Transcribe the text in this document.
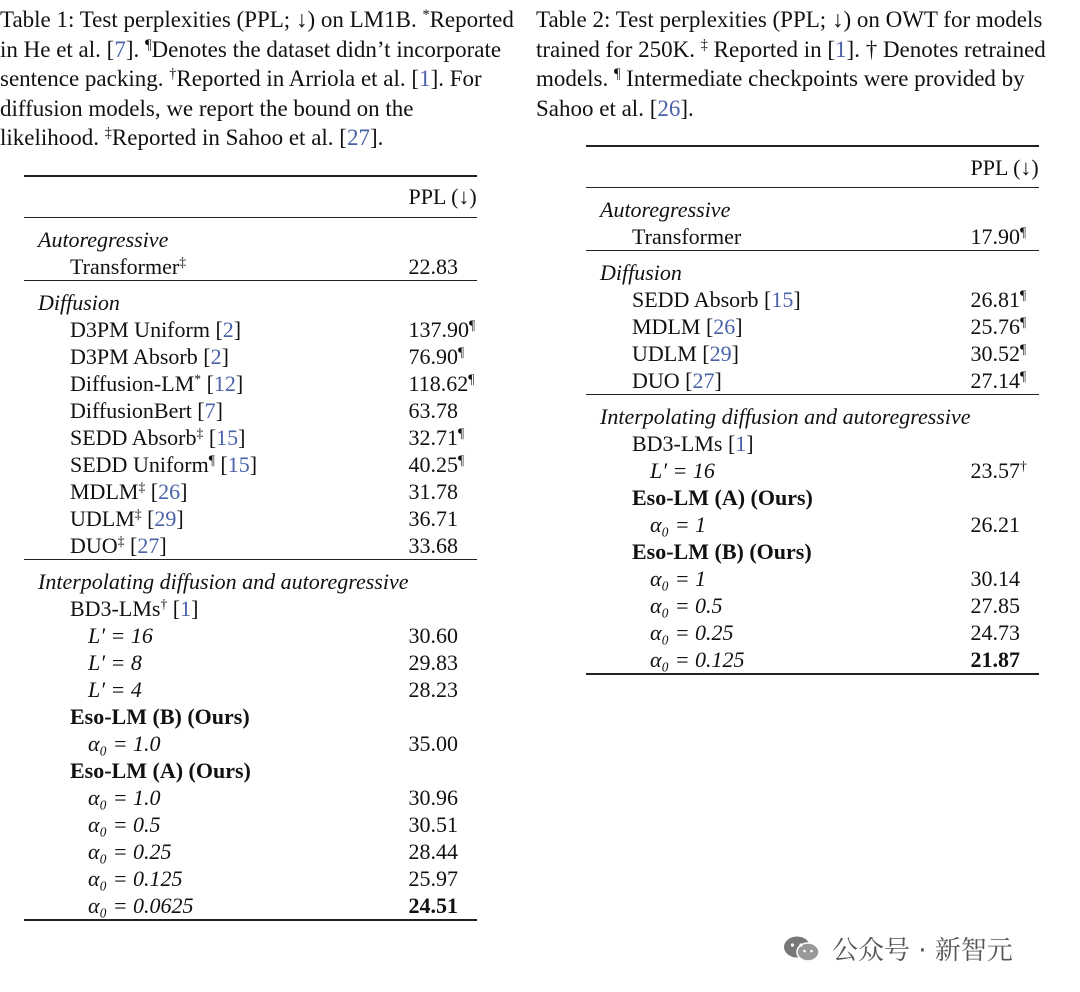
Table 1: Test perplexities (PPL; ↓) on LM1B. *Reported in He et al. [7]. ¶Denotes the dataset didn’t incorporate sentence packing. †Reported in Arriola et al. [1]. For diffusion models, we report the bound on the likelihood. ‡Reported in Sahoo et al. [27].

	PPL (↓)

Autoregressive	
Transformer‡	22.83

Diffusion	
D3PM Uniform [2]	137.90¶
D3PM Absorb [2]	76.90¶
Diffusion-LM* [12]	118.62¶
DiffusionBert [7]	63.78
SEDD Absorb‡ [15]	32.71¶
SEDD Uniform¶ [15]	40.25¶
MDLM‡ [26]	31.78
UDLM‡ [29]	36.71
DUO‡ [27]	33.68

Interpolating diffusion and autoregressive	
BD3-LMs† [1]	
L′ = 16	30.60
L′ = 8	29.83
L′ = 4	28.23
Eso-LM (B) (Ours)	
α₀ = 1.0	35.00
Eso-LM (A) (Ours)	
α₀ = 1.0	30.96
α₀ = 0.5	30.51
α₀ = 0.25	28.44
α₀ = 0.125	25.97
α₀ = 0.0625	24.51

Table 2: Test perplexities (PPL; ↓) on OWT for models trained for 250K. ‡ Reported in [1]. † Denotes retrained models. ¶ Intermediate checkpoints were provided by Sahoo et al. [26].

	PPL (↓)

Autoregressive	
Transformer	17.90¶

Diffusion	
SEDD Absorb [15]	26.81¶
MDLM [26]	25.76¶
UDLM [29]	30.52¶
DUO [27]	27.14¶

Interpolating diffusion and autoregressive	
BD3-LMs [1]	
L′ = 16	23.57†
Eso-LM (A) (Ours)	
α₀ = 1	26.21
Eso-LM (B) (Ours)	
α₀ = 1	30.14
α₀ = 0.5	27.85
α₀ = 0.25	24.73
α₀ = 0.125	21.87
公众号 · 新智元
